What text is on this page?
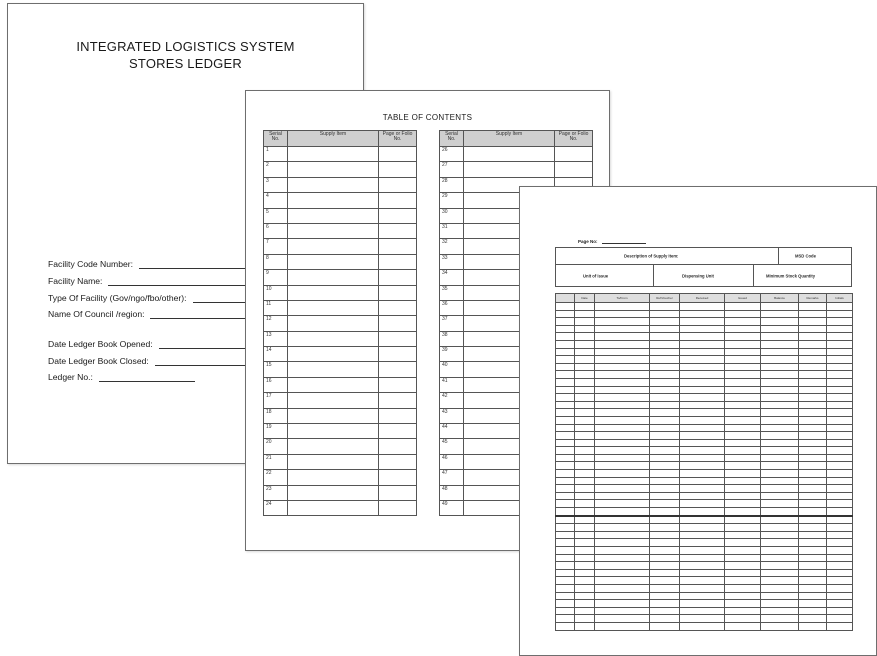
INTEGRATED LOGISTICS SYSTEM
STORES LEDGER
Facility Code Number:
Facility Name:
Type Of Facility (Gov/ngo/fbo/other):
Name Of Council /region:
Date Ledger Book Opened:
Date Ledger Book Closed:
Ledger No.:
TABLE OF CONTENTS
Serial No.	Supply Item	Page or Folio No.
1		
2		
3		
4		
5		
6		
7		
8		
9		
10		
11		
12		
13		
14		
15		
16		
17		
18		
19		
20		
21		
22		
23		
24		
Serial No.	Supply Item	Page or Folio No.
26		
27		
28		
29		
30		
31		
32		
33		
34		
35		
36		
37		
38		
39		
40		
41		
42		
43		
44		
45		
46		
47		
48		
49		
Page No:
Description of Supply Item:	MSD Code
Unit of Issue	Dispensing Unit	Minimum Stock Quantity
	Date	To/From	Ref/Voucher	Received	Issued	Balance	Remarks	Initials
